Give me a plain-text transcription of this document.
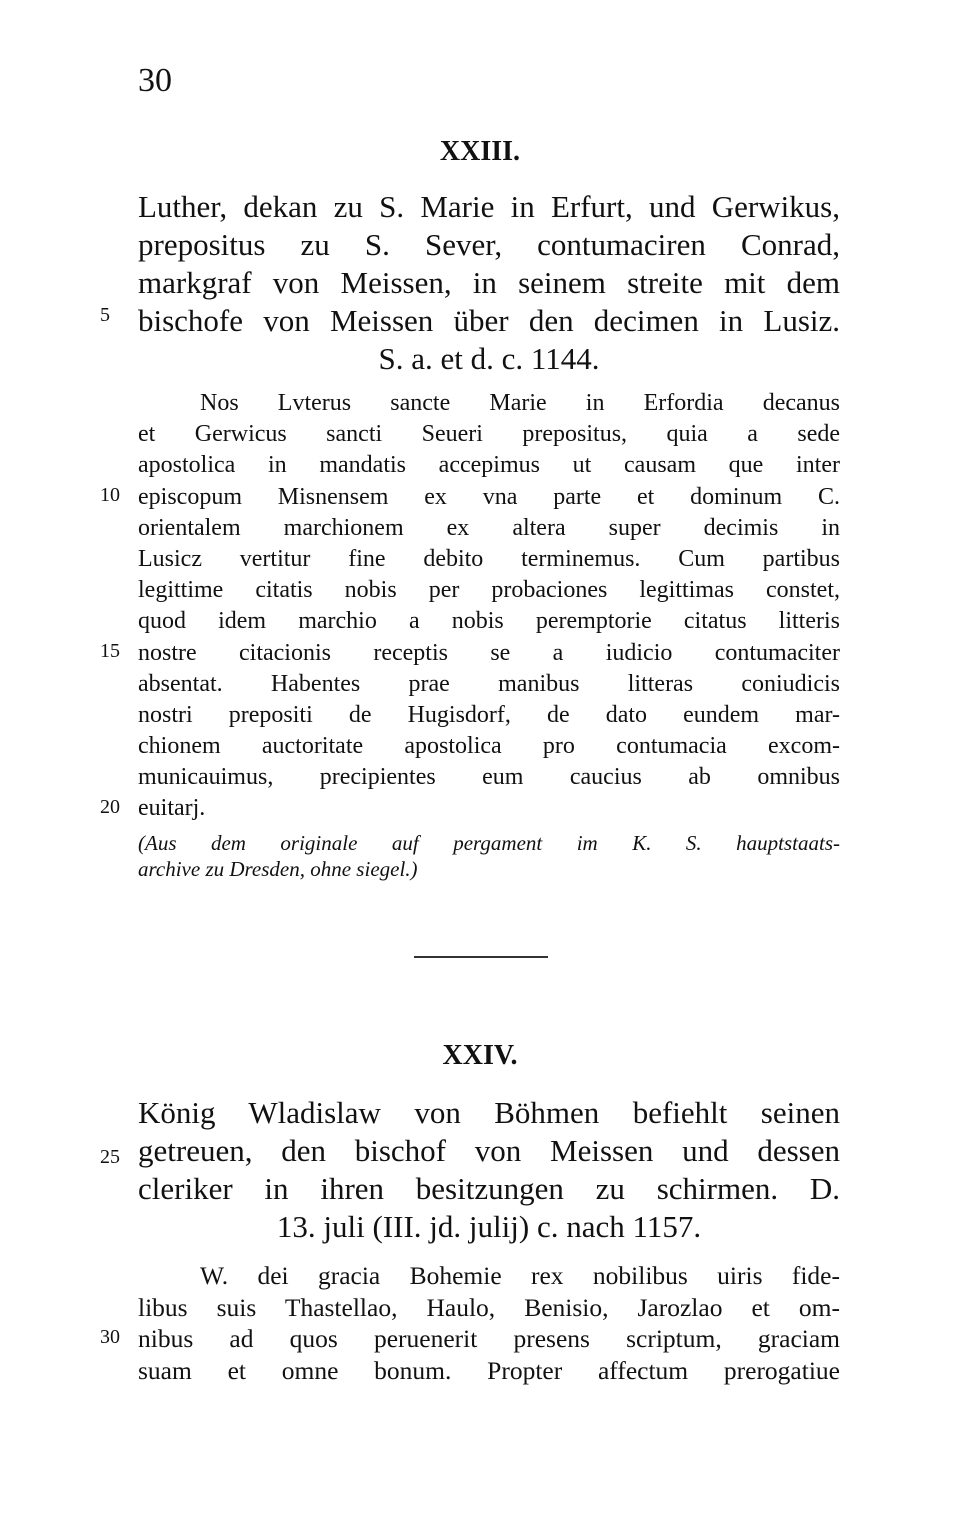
30
XXIII.
Luther, dekan zu S. Marie in Erfurt, und Gerwikus,
prepositus zu S. Sever, contumaciren Conrad,
markgraf von Meissen, in seinem streite mit dem
bischofe von Meissen über den decimen in Lusiz.
S. a. et d. c. 1144.
Nos Lvterus sancte Marie in Erfordia decanus
et Gerwicus sancti Seueri prepositus, quia a sede
apostolica in mandatis accepimus ut causam que inter
episcopum Misnensem ex vna parte et dominum C.
orientalem marchionem ex altera super decimis in
Lusicz vertitur fine debito terminemus. Cum partibus
legittime citatis nobis per probaciones legittimas constet,
quod idem marchio a nobis peremptorie citatus litteris
nostre citacionis receptis se a iudicio contumaciter
absentat. Habentes prae manibus litteras coniudicis
nostri prepositi de Hugisdorf, de dato eundem mar-
chionem auctoritate apostolica pro contumacia excom-
municauimus, precipientes eum caucius ab omnibus
euitarj.
(Aus dem originale auf pergament im K. S. hauptstaats-
archive zu Dresden, ohne siegel.)
XXIV.
König Wladislaw von Böhmen befiehlt seinen
getreuen, den bischof von Meissen und dessen
cleriker in ihren besitzungen zu schirmen. D.
13. juli (III. jd. julij) c. nach 1157.
W. dei gracia Bohemie rex nobilibus uiris fide-
libus suis Thastellao, Haulo, Benisio, Jarozlao et om-
nibus ad quos peruenerit presens scriptum, graciam
suam et omne bonum. Propter affectum prerogatiue
5
10
15
20
25
30
